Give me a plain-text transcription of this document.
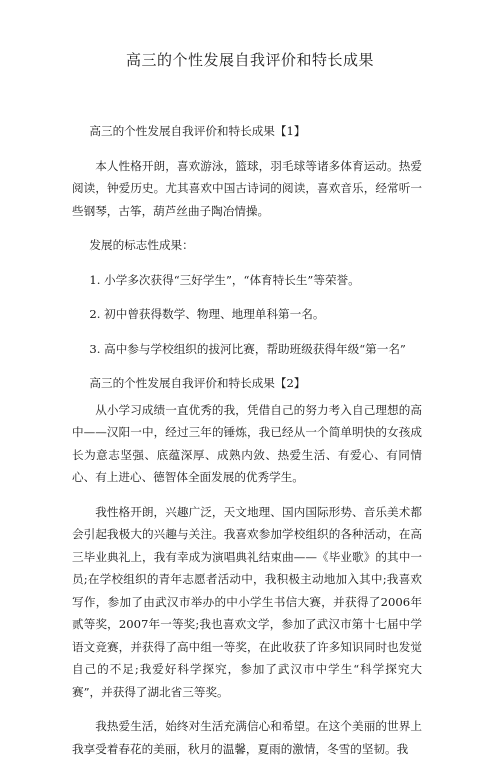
高三的个性发展自我评价和特长成果

高三的个性发展自我评价和特长成果【1】

本人性格开朗，喜欢游泳，篮球，羽毛球等诸多体育运动。热爱阅读，钟爱历史。尤其喜欢中国古诗词的阅读，喜欢音乐，经常听一些钢琴，古筝，葫芦丝曲子陶冶情操。

发展的标志性成果：

1. 小学多次获得“三好学生”，“体育特长生”等荣誉。

2. 初中曾获得数学、物理、地理单科第一名。

3. 高中参与学校组织的拔河比赛，帮助班级获得年级“第一名”

高三的个性发展自我评价和特长成果【2】

从小学习成绩一直优秀的我，凭借自己的努力考入自己理想的高中——汉阳一中，经过三年的锤炼，我已经从一个简单明快的女孩成长为意志坚强、底蕴深厚、成熟内敛、热爱生活、有爱心、有同情心、有上进心、德智体全面发展的优秀学生。

我性格开朗，兴趣广泛，天文地理、国内国际形势、音乐美术都会引起我极大的兴趣与关注。我喜欢参加学校组织的各种活动，在高三毕业典礼上，我有幸成为演唱典礼结束曲——《毕业歌》的其中一员;在学校组织的青年志愿者活动中，我积极主动地加入其中;我喜欢写作，参加了由武汉市举办的中小学生书信大赛，并获得了2006年贰等奖，2007年一等奖;我也喜欢文学，参加了武汉市第十七届中学语文竞赛，并获得了高中组一等奖，在此收获了许多知识同时也发觉自己的不足;我爱好科学探究，参加了武汉市中学生“科学探究大赛”，并获得了湖北省三等奖。

我热爱生活，始终对生活充满信心和希望。在这个美丽的世界上我享受着春花的美丽，秋月的温馨，夏雨的激情，冬雪的坚韧。我
